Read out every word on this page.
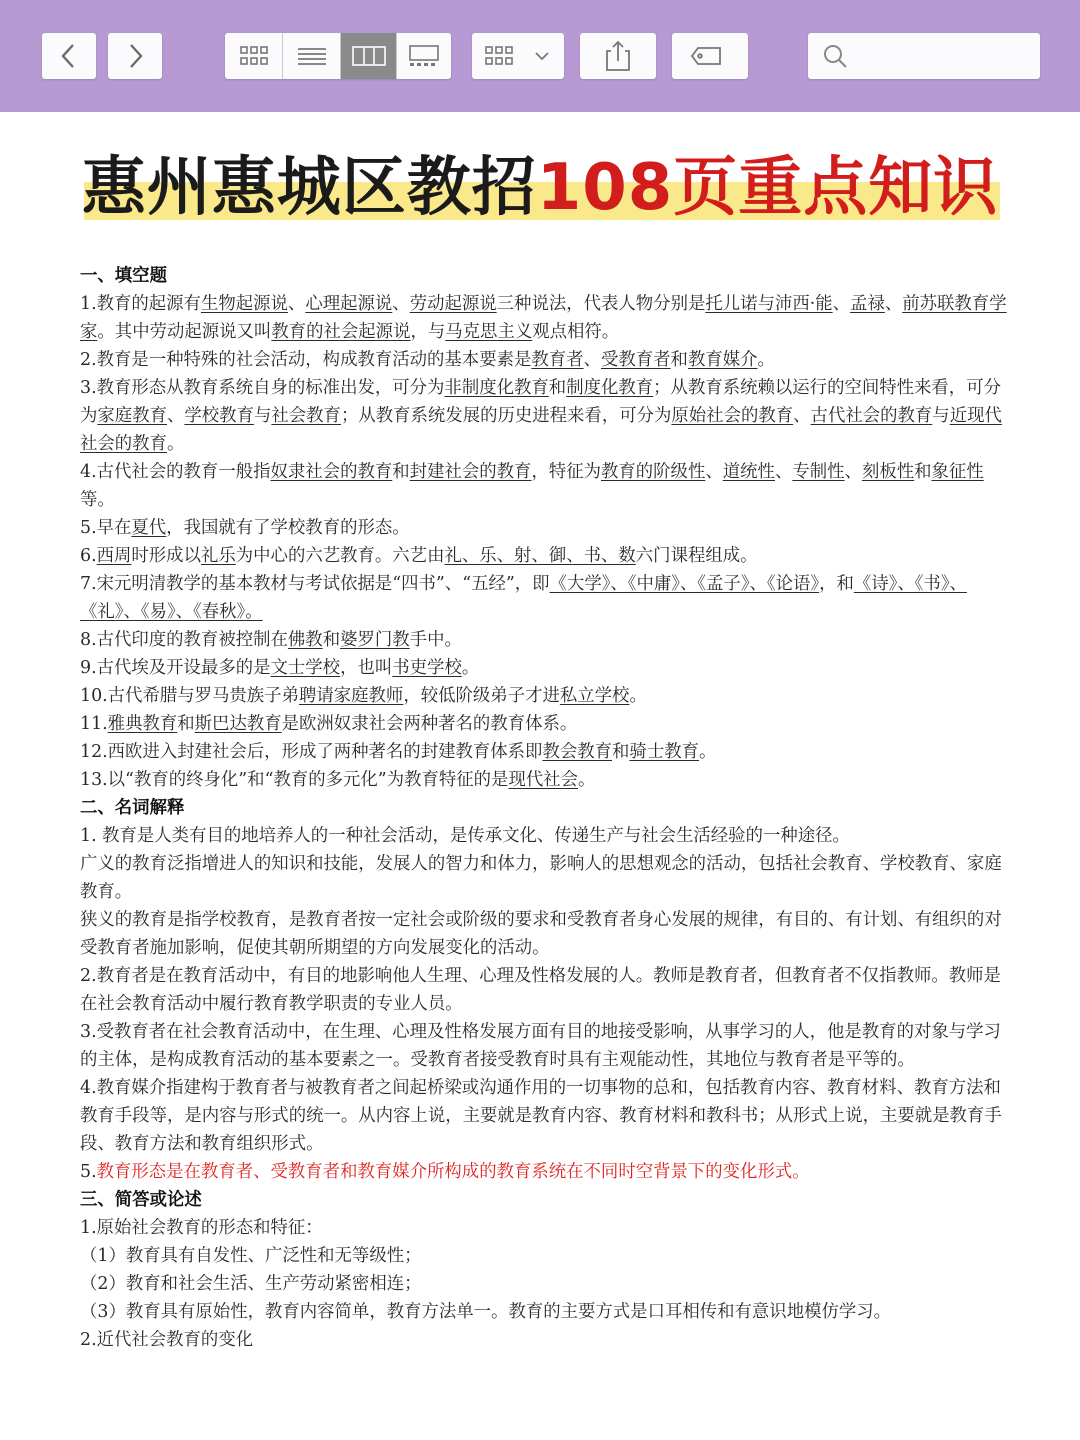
惠州惠城区教招108页重点知识

一、填空题

1.教育的起源有生物起源说、心理起源说、劳动起源说三种说法，代表人物分别是托儿诺与沛西·能、孟禄、前苏联教育学家。其中劳动起源说又叫教育的社会起源说，与马克思主义观点相符。

2.教育是一种特殊的社会活动，构成教育活动的基本要素是教育者、受教育者和教育媒介。

3.教育形态从教育系统自身的标准出发，可分为非制度化教育和制度化教育；从教育系统赖以运行的空间特性来看，可分为家庭教育、学校教育与社会教育；从教育系统发展的历史进程来看，可分为原始社会的教育、古代社会的教育与近现代社会的教育。

4.古代社会的教育一般指奴隶社会的教育和封建社会的教育，特征为教育的阶级性、道统性、专制性、刻板性和象征性等。

5.早在夏代，我国就有了学校教育的形态。

6.西周时形成以礼乐为中心的六艺教育。六艺由礼、乐、射、御、书、数六门课程组成。

7.宋元明清教学的基本教材与考试依据是“四书”、“五经”，即《大学》、《中庸》、《孟子》、《论语》，和《诗》、《书》、《礼》、《易》、《春秋》。

8.古代印度的教育被控制在佛教和婆罗门教手中。

9.古代埃及开设最多的是文士学校，也叫书吏学校。

10.古代希腊与罗马贵族子弟聘请家庭教师，较低阶级弟子才进私立学校。

11.雅典教育和斯巴达教育是欧洲奴隶社会两种著名的教育体系。

12.西欧进入封建社会后，形成了两种著名的封建教育体系即教会教育和骑士教育。

13.以“教育的终身化”和“教育的多元化”为教育特征的是现代社会。

二、名词解释

1. 教育是人类有目的地培养人的一种社会活动，是传承文化、传递生产与社会生活经验的一种途径。

广义的教育泛指增进人的知识和技能，发展人的智力和体力，影响人的思想观念的活动，包括社会教育、学校教育、家庭教育。

狭义的教育是指学校教育，是教育者按一定社会或阶级的要求和受教育者身心发展的规律，有目的、有计划、有组织的对受教育者施加影响，促使其朝所期望的方向发展变化的活动。

2.教育者是在教育活动中，有目的地影响他人生理、心理及性格发展的人。教师是教育者，但教育者不仅指教师。教师是在社会教育活动中履行教育教学职责的专业人员。

3.受教育者在社会教育活动中，在生理、心理及性格发展方面有目的地接受影响，从事学习的人，他是教育的对象与学习的主体，是构成教育活动的基本要素之一。受教育者接受教育时具有主观能动性，其地位与教育者是平等的。

4.教育媒介指建构于教育者与被教育者之间起桥梁或沟通作用的一切事物的总和，包括教育内容、教育材料、教育方法和教育手段等，是内容与形式的统一。从内容上说，主要就是教育内容、教育材料和教科书；从形式上说，主要就是教育手段、教育方法和教育组织形式。

5.教育形态是在教育者、受教育者和教育媒介所构成的教育系统在不同时空背景下的变化形式。

三、简答或论述

1.原始社会教育的形态和特征：

（1）教育具有自发性、广泛性和无等级性；

（2）教育和社会生活、生产劳动紧密相连；

（3）教育具有原始性，教育内容简单，教育方法单一。教育的主要方式是口耳相传和有意识地模仿学习。

2.近代社会教育的变化
